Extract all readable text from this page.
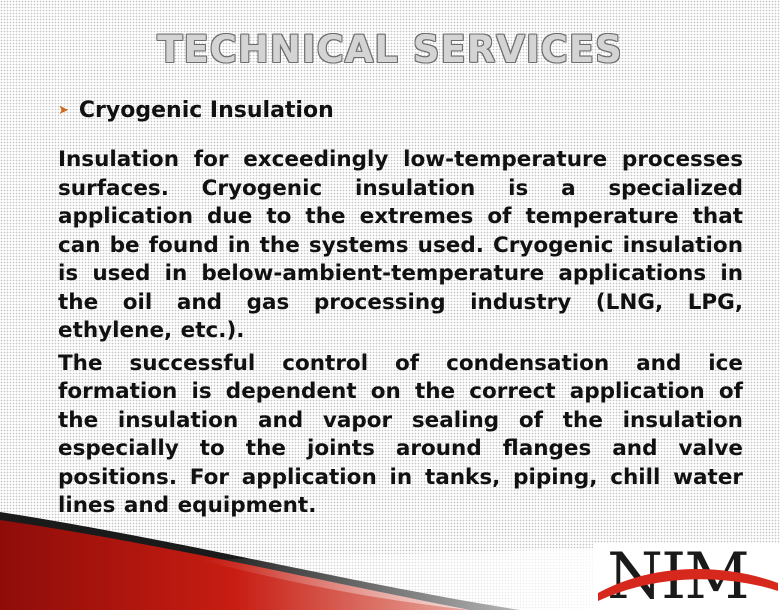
TECHNICAL SERVICES
➤ Cryogenic Insulation

Insulation for exceedingly low-temperature processes surfaces. Cryogenic insulation is a specialized application due to the extremes of temperature that can be found in the systems used. Cryogenic insulation is used in below-ambient-temperature applications in the oil and gas processing industry (LNG, LPG, ethylene, etc.).

The successful control of condensation and ice formation is dependent on the correct application of the insulation and vapor sealing of the insulation especially to the joints around flanges and valve positions. For application in tanks, piping, chill water lines and equipment.

NIM
